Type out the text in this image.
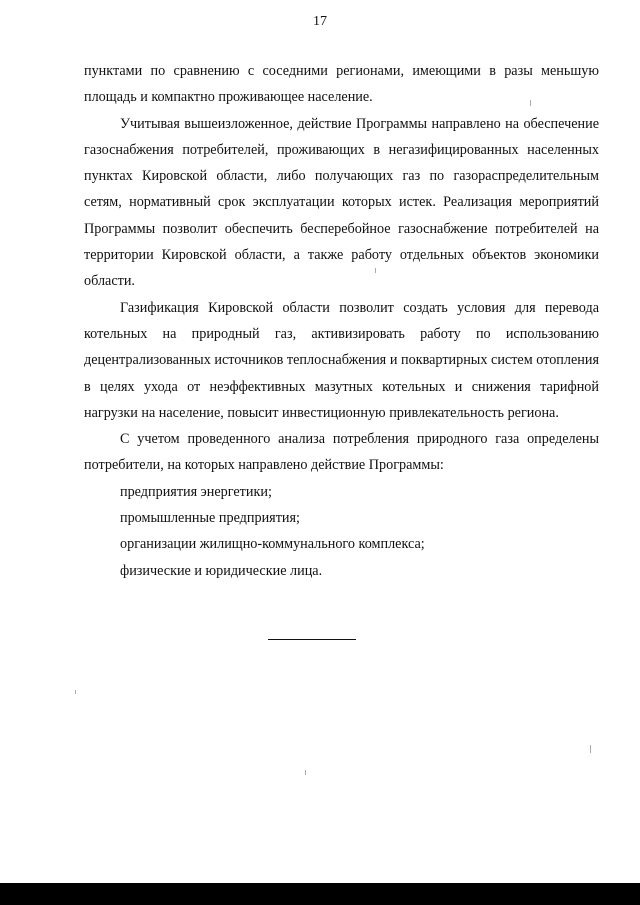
17

пунктами по сравнению с соседними регионами, имеющими в разы меньшую площадь и компактно проживающее население.

Учитывая вышеизложенное, действие Программы направлено на обеспечение газоснабжения потребителей, проживающих в негазифицированных населенных пунктах Кировской области, либо получающих газ по газораспределительным сетям, нормативный срок эксплуатации которых истек. Реализация мероприятий Программы позволит обеспечить бесперебойное газоснабжение потребителей на территории Кировской области, а также работу отдельных объектов экономики области.

Газификация Кировской области позволит создать условия для перевода котельных на природный газ, активизировать работу по использованию децентрализованных источников теплоснабжения и поквартирных систем отопления в целях ухода от неэффективных мазутных котельных и снижения тарифной нагрузки на население, повысит инвестиционную привлекательность региона.

С учетом проведенного анализа потребления природного газа определены потребители, на которых направлено действие Программы:

предприятия энергетики;
промышленные предприятия;
организации жилищно-коммунального комплекса;
физические и юридические лица.
